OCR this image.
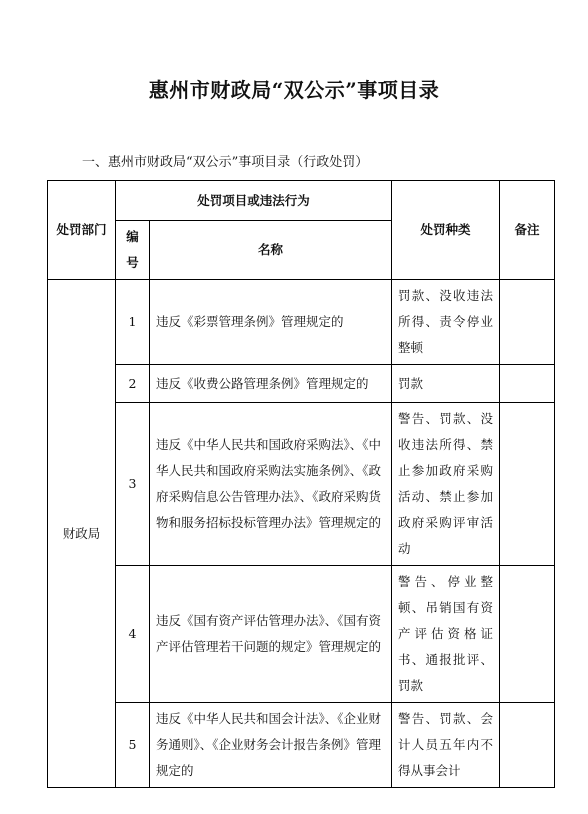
惠州市财政局“双公示”事项目录
一、惠州市财政局“双公示”事项目录（行政处罚）
处罚部门	处罚项目或违法行为		处罚种类	备注
	编号	名称		
财政局	1	违反《彩票管理条例》管理规定的	罚款、没收违法所得、责令停业整顿	
	2	违反《收费公路管理条例》管理规定的	罚款	
	3	违反《中华人民共和国政府采购法》、《中华人民共和国政府采购法实施条例》、《政府采购信息公告管理办法》、《政府采购货物和服务招标投标管理办法》管理规定的	警告、罚款、没收违法所得、禁止参加政府采购活动、禁止参加政府采购评审活动	
	4	违反《国有资产评估管理办法》、《国有资产评估管理若干问题的规定》管理规定的	警告、停业整顿、吊销国有资产评估资格证书、通报批评、罚款	
	5	违反《中华人民共和国会计法》、《企业财务通则》、《企业财务会计报告条例》管理规定的	警告、罚款、会计人员五年内不得从事会计	
